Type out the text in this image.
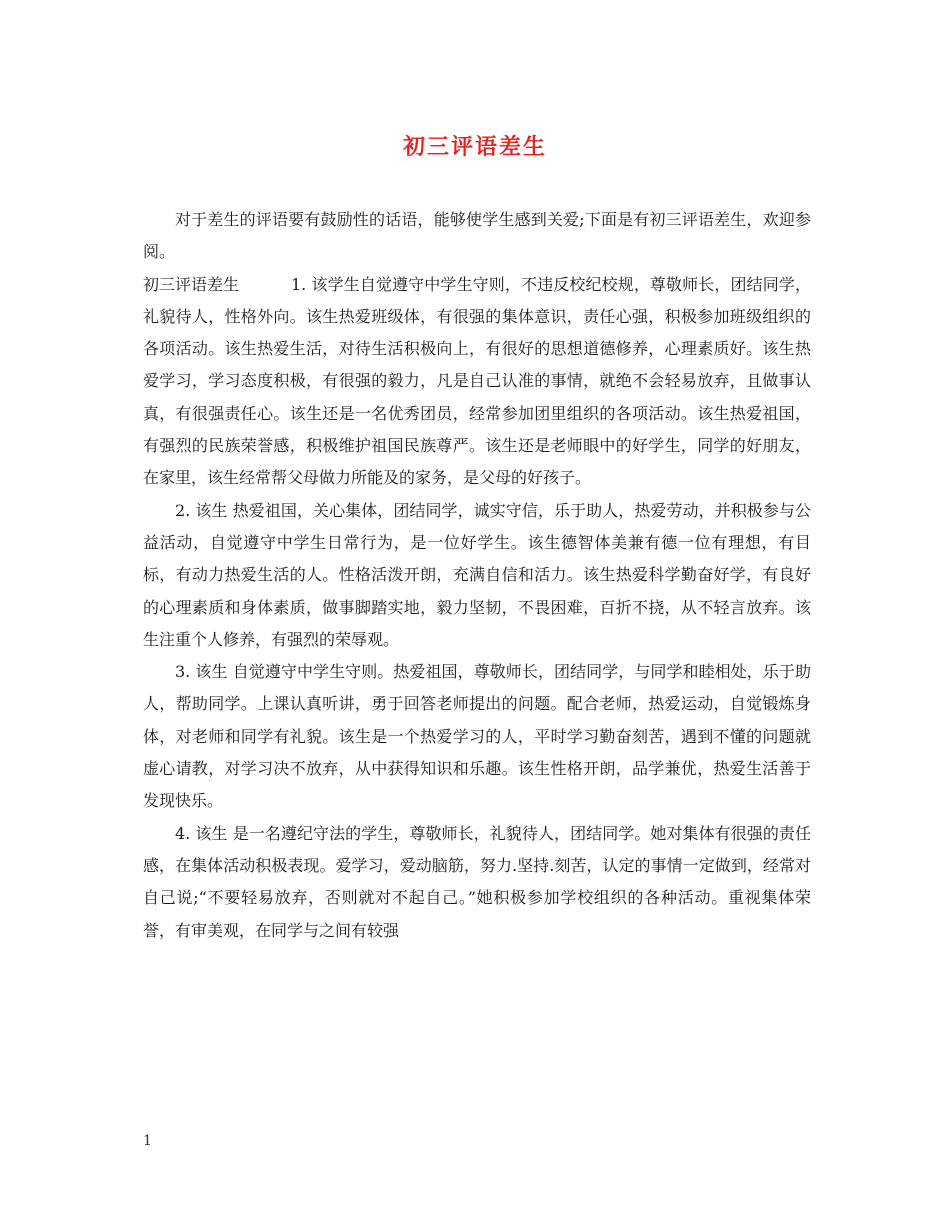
初三评语差生

对于差生的评语要有鼓励性的话语，能够使学生感到关爱;下面是有初三评语差生，欢迎参阅。

初三评语差生	1. 该学生自觉遵守中学生守则，不违反校纪校规，尊敬师长，团结同学，礼貌待人，性格外向。该生热爱班级体，有很强的集体意识，责任心强，积极参加班级组织的各项活动。该生热爱生活，对待生活积极向上，有很好的思想道德修养，心理素质好。该生热爱学习，学习态度积极，有很强的毅力，凡是自己认准的事情，就绝不会轻易放弃，且做事认真，有很强责任心。该生还是一名优秀团员，经常参加团里组织的各项活动。该生热爱祖国，有强烈的民族荣誉感，积极维护祖国民族尊严。该生还是老师眼中的好学生，同学的好朋友，在家里，该生经常帮父母做力所能及的家务，是父母的好孩子。

2. 该生 热爱祖国，关心集体，团结同学，诚实守信，乐于助人，热爱劳动，并积极参与公益活动，自觉遵守中学生日常行为，是一位好学生。该生德智体美兼有德一位有理想，有目标，有动力热爱生活的人。性格活泼开朗，充满自信和活力。该生热爱科学勤奋好学，有良好的心理素质和身体素质，做事脚踏实地，毅力坚韧，不畏困难，百折不挠，从不轻言放弃。该生注重个人修养，有强烈的荣辱观。

3. 该生 自觉遵守中学生守则。热爱祖国，尊敬师长，团结同学，与同学和睦相处，乐于助人，帮助同学。上课认真听讲，勇于回答老师提出的问题。配合老师，热爱运动，自觉锻炼身体，对老师和同学有礼貌。该生是一个热爱学习的人，平时学习勤奋刻苦，遇到不懂的问题就虚心请教，对学习决不放弃，从中获得知识和乐趣。该生性格开朗，品学兼优，热爱生活善于发现快乐。

4. 该生 是一名遵纪守法的学生，尊敬师长，礼貌待人，团结同学。她对集体有很强的责任感，在集体活动积极表现。爱学习，爱动脑筋，努力.坚持.刻苦，认定的事情一定做到，经常对自己说;“不要轻易放弃，否则就对不起自己。”她积极参加学校组织的各种活动。重视集体荣誉，有审美观，在同学与之间有较强

1
